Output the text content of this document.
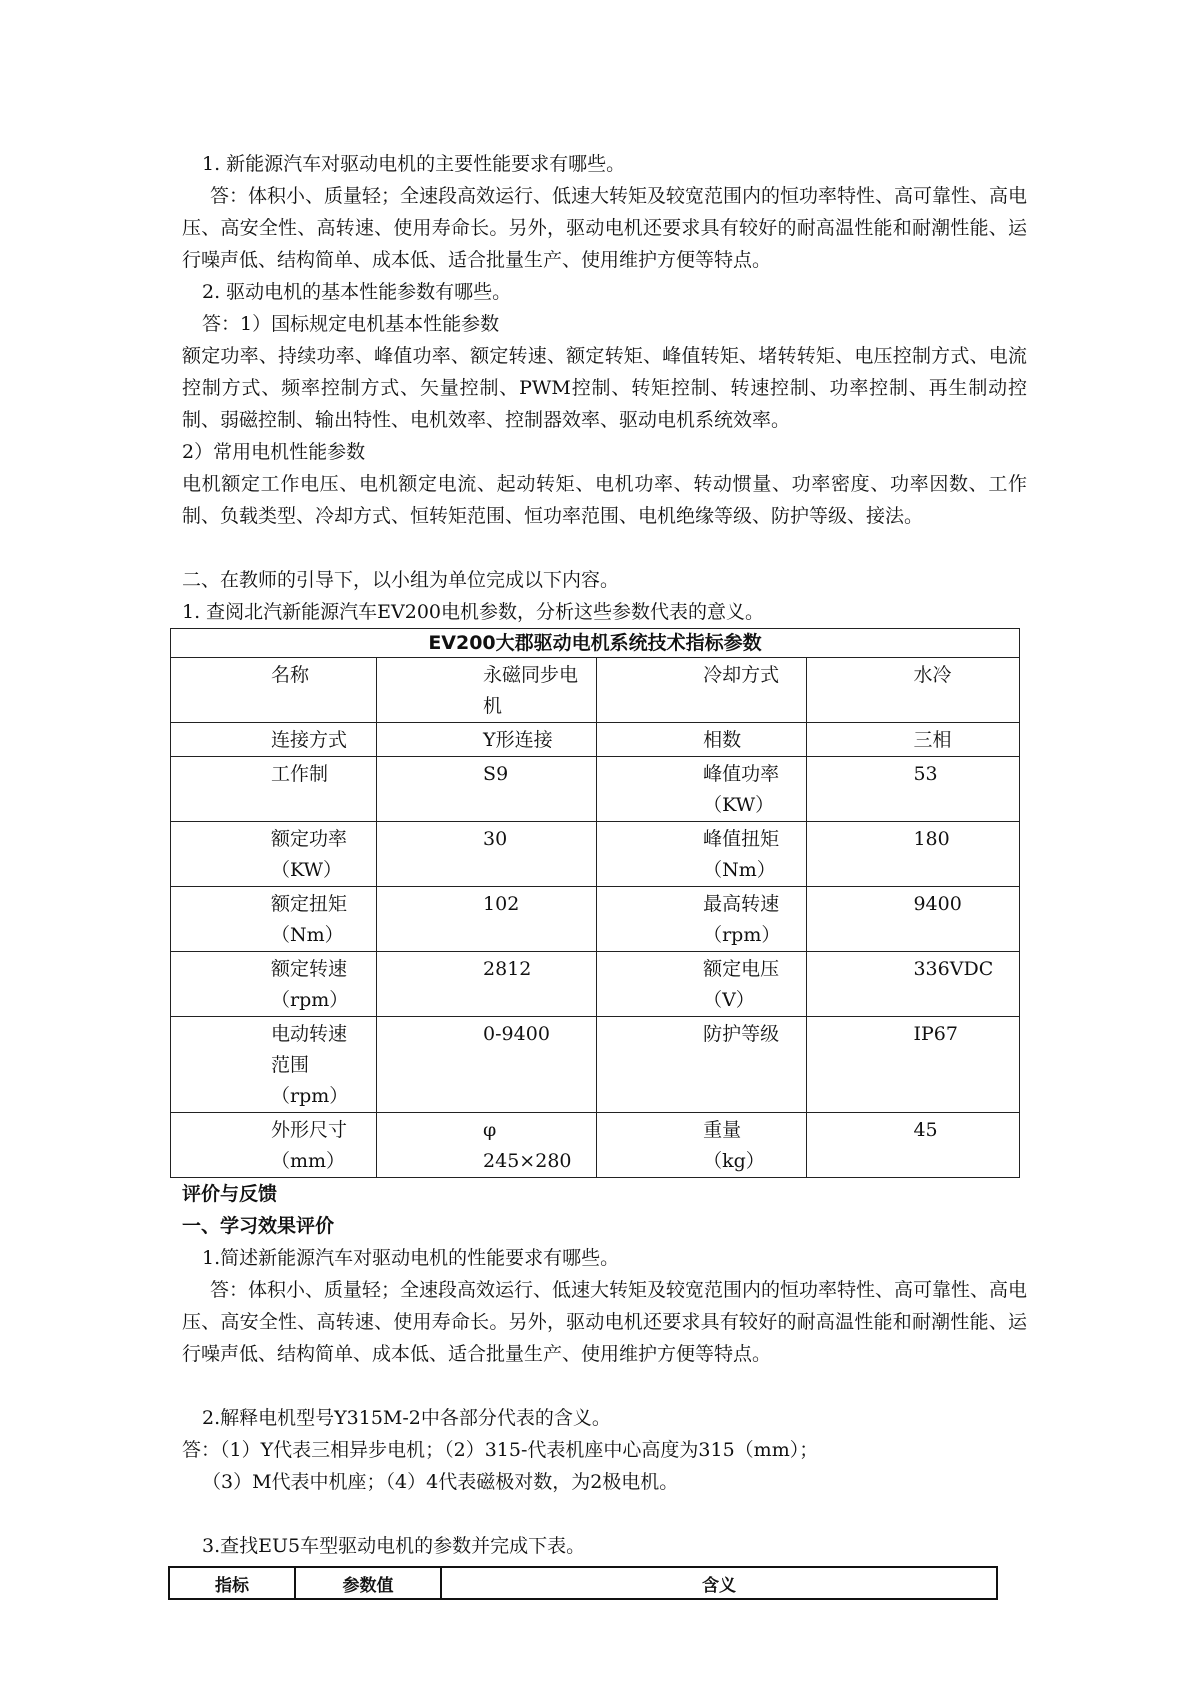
1. 新能源汽车对驱动电机的主要性能要求有哪些。

答：体积小、质量轻；全速段高效运行、低速大转矩及较宽范围内的恒功率特性、高可靠性、高电压、高安全性、高转速、使用寿命长。另外，驱动电机还要求具有较好的耐高温性能和耐潮性能、运行噪声低、结构简单、成本低、适合批量生产、使用维护方便等特点。

2. 驱动电机的基本性能参数有哪些。

答：1）国标规定电机基本性能参数

额定功率、持续功率、峰值功率、额定转速、额定转矩、峰值转矩、堵转转矩、电压控制方式、电流控制方式、频率控制方式、矢量控制、PWM控制、转矩控制、转速控制、功率控制、再生制动控制、弱磁控制、输出特性、电机效率、控制器效率、驱动电机系统效率。

2）常用电机性能参数

电机额定工作电压、电机额定电流、起动转矩、电机功率、转动惯量、功率密度、功率因数、工作制、负载类型、冷却方式、恒转矩范围、恒功率范围、电机绝缘等级、防护等级、接法。

二、在教师的引导下，以小组为单位完成以下内容。

1. 查阅北汽新能源汽车EV200电机参数，分析这些参数代表的意义。

EV200大郡驱动电机系统技术指标参数			
名称	永磁同步电机	冷却方式	水冷
连接方式	Y形连接	相数	三相
工作制	S9	峰值功率（KW）	53
额定功率（KW）	30	峰值扭矩（Nm）	180
额定扭矩（Nm）	102	最高转速（rpm）	9400
额定转速（rpm）	2812	额定电压（V）	336VDC
电动转速范围（rpm）	0-9400	防护等级	IP67
外形尺寸（mm）	φ 245×280	重量（kg）	45

评价与反馈

一、学习效果评价

1.简述新能源汽车对驱动电机的性能要求有哪些。

答：体积小、质量轻；全速段高效运行、低速大转矩及较宽范围内的恒功率特性、高可靠性、高电压、高安全性、高转速、使用寿命长。另外，驱动电机还要求具有较好的耐高温性能和耐潮性能、运行噪声低、结构简单、成本低、适合批量生产、使用维护方便等特点。

2.解释电机型号Y315M-2中各部分代表的含义。

答：（1）Y代表三相异步电机；（2）315-代表机座中心高度为315（mm）；

（3）M代表中机座；（4）4代表磁极对数，为2极电机。

3.查找EU5车型驱动电机的参数并完成下表。

指标	参数值	含义
